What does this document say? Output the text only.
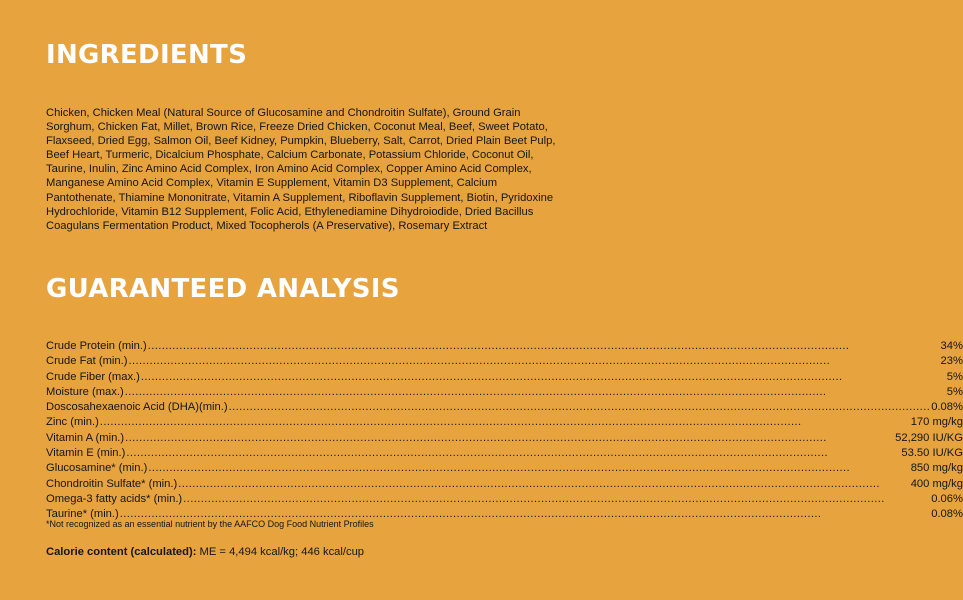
INGREDIENTS

Chicken, Chicken Meal (Natural Source of Glucosamine and Chondroitin Sulfate), Ground Grain Sorghum, Chicken Fat, Millet, Brown Rice, Freeze Dried Chicken, Coconut Meal, Beef, Sweet Potato, Flaxseed, Dried Egg, Salmon Oil, Beef Kidney, Pumpkin, Blueberry, Salt, Carrot, Dried Plain Beet Pulp, Beef Heart, Turmeric, Dicalcium Phosphate, Calcium Carbonate, Potassium Chloride, Coconut Oil, Taurine, Inulin, Zinc Amino Acid Complex, Iron Amino Acid Complex, Copper Amino Acid Complex, Manganese Amino Acid Complex, Vitamin E Supplement, Vitamin D3 Supplement, Calcium Pantothenate, Thiamine Mononitrate, Vitamin A Supplement, Riboflavin Supplement, Biotin, Pyridoxine Hydrochloride, Vitamin B12 Supplement, Folic Acid, Ethylenediamine Dihydroiodide, Dried Bacillus Coagulans Fermentation Product, Mixed Tocopherols (A Preservative), Rosemary Extract

GUARANTEED ANALYSIS
Crude Protein (min.) ........................................................................................................................................................................................................	34%
Crude Fat (min.) ........................................................................................................................................................................................................	23%
Crude Fiber (max.) ........................................................................................................................................................................................................	5%
Moisture (max.) ........................................................................................................................................................................................................	5%
Doscosahexaenoic Acid (DHA)(min.) ........................................................................................................................................................................................................ 0.08%
Zinc (min.) ........................................................................................................................................................................................................	170 mg/kg
Vitamin A (min.) ........................................................................................................................................................................................................	52,290 IU/KG
Vitamin E (min.) ........................................................................................................................................................................................................	53.50 IU/KG
Glucosamine* (min.) ........................................................................................................................................................................................................	850 mg/kg
Chondroitin Sulfate* (min.) ........................................................................................................................................................................................................	400 mg/kg
Omega-3 fatty acids* (min.) ........................................................................................................................................................................................................	0.06%
Taurine* (min.) ........................................................................................................................................................................................................	0.08%

*Not recognized as an essential nutrient by the AAFCO Dog Food Nutrient Profiles

Calorie content (calculated): ME = 4,494 kcal/kg; 446 kcal/cup
